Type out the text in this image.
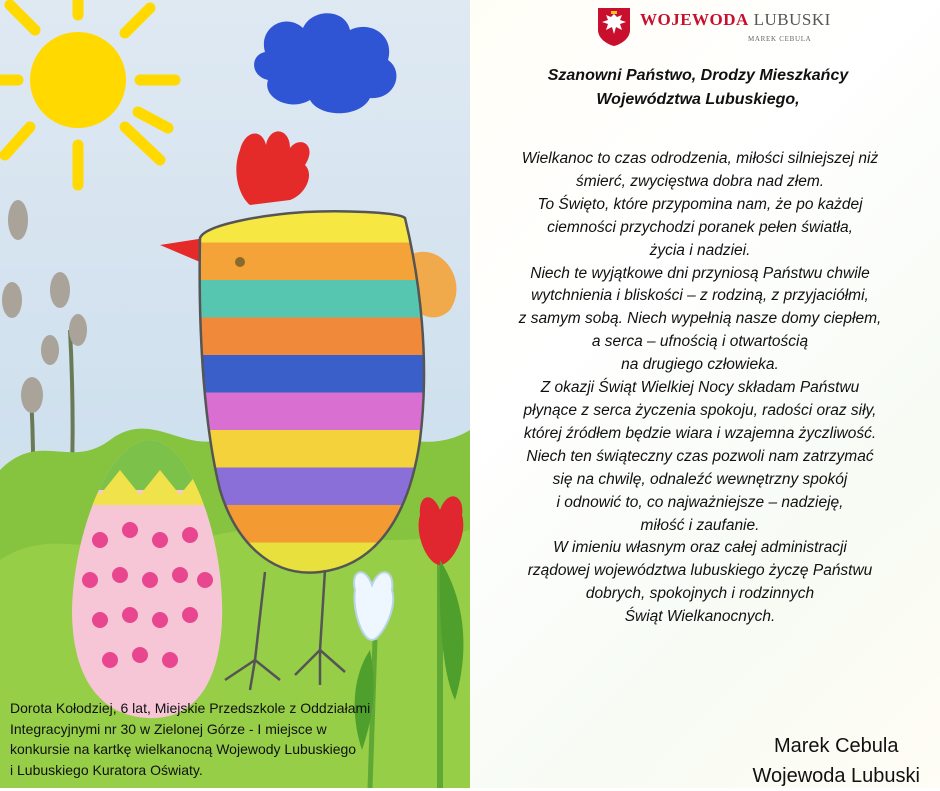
WOJEWODA LUBUSKI
MAREK CEBULA
Szanowni Państwo, Drodzy Mieszkańcy
Województwa Lubuskiego,
Wielkanoc to czas odrodzenia, miłości silniejszej niż
śmierć, zwycięstwa dobra nad złem.
To Święto, które przypomina nam, że po każdej
ciemności przychodzi poranek pełen światła,
życia i nadziei.
Niech te wyjątkowe dni przyniosą Państwu chwile
wytchnienia i bliskości – z rodziną, z przyjaciółmi,
z samym sobą. Niech wypełnią nasze domy ciepłem,
a serca – ufnością i otwartością
na drugiego człowieka.
Z okazji Świąt Wielkiej Nocy składam Państwu
płynące z serca życzenia spokoju, radości oraz siły,
której źródłem będzie wiara i wzajemna życzliwość.
Niech ten świąteczny czas pozwoli nam zatrzymać
się na chwilę, odnaleźć wewnętrzny spokój
i odnowić to, co najważniejsze – nadzieję,
miłość i zaufanie.
W imieniu własnym oraz całej administracji
rządowej województwa lubuskiego życzę Państwu
dobrych, spokojnych i rodzinnych
Świąt Wielkanocnych.
Marek Cebula
Wojewoda Lubuski
Dorota Kołodziej, 6 lat, Miejskie Przedszkole z Oddziałami
Integracyjnymi nr 30 w Zielonej Górze - I miejsce w
konkursie na kartkę wielkanocną Wojewody Lubuskiego
i Lubuskiego Kuratora Oświaty.
